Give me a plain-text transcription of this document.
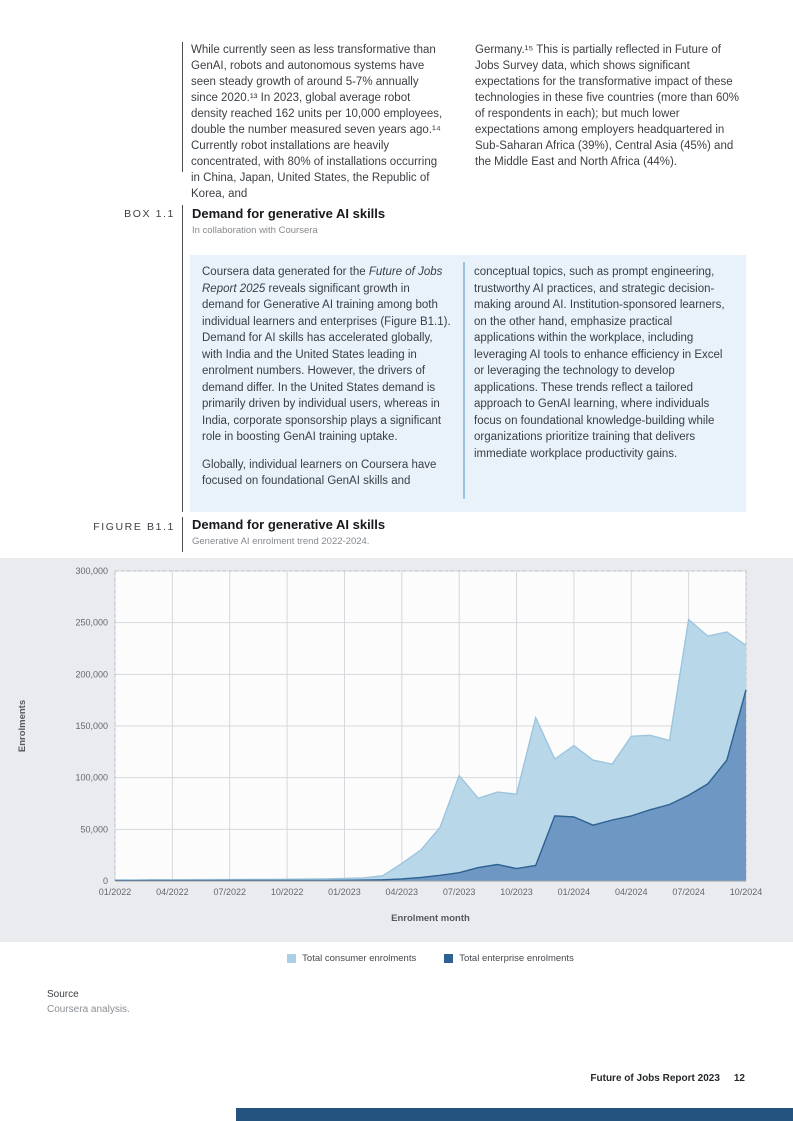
While currently seen as less transformative than GenAI, robots and autonomous systems have seen steady growth of around 5-7% annually since 2020.¹³ In 2023, global average robot density reached 162 units per 10,000 employees, double the number measured seven years ago.¹⁴ Currently robot installations are heavily concentrated, with 80% of installations occurring in China, Japan, United States, the Republic of Korea, and
Germany.¹⁵ This is partially reflected in Future of Jobs Survey data, which shows significant expectations for the transformative impact of these technologies in these five countries (more than 60% of respondents in each); but much lower expectations among employers headquartered in Sub-Saharan Africa (39%), Central Asia (45%) and the Middle East and North Africa (44%).
BOX 1.1 Demand for generative AI skills
In collaboration with Coursera

Coursera data generated for the Future of Jobs Report 2025 reveals significant growth in demand for Generative AI training among both individual learners and enterprises (Figure B1.1). Demand for AI skills has accelerated globally, with India and the United States leading in enrolment numbers. However, the drivers of demand differ. In the United States demand is primarily driven by individual users, whereas in India, corporate sponsorship plays a significant role in boosting GenAI training uptake.

Globally, individual learners on Coursera have focused on foundational GenAI skills and

conceptual topics, such as prompt engineering, trustworthy AI practices, and strategic decision-making around AI. Institution-sponsored learners, on the other hand, emphasize practical applications within the workplace, including leveraging AI tools to enhance efficiency in Excel or leveraging the technology to develop applications. These trends reflect a tailored approach to GenAI learning, where individuals focus on foundational knowledge-building while organizations prioritize training that delivers immediate workplace productivity gains.

FIGURE B1.1 Demand for generative AI skills
Generative AI enrolment trend 2022-2024.
0
50,000
100,000
150,000
200,000
250,000
300,000
01/2022	04/2022	07/2022	10/2022	01/2023	04/2023	07/2023	10/2023	01/2024	04/2024	07/2024	10/2024
Enrolment month
Enrolments
Total consumer enrolments	Total enterprise enrolments
Source
Coursera analysis.
Future of Jobs Report 2023 12
